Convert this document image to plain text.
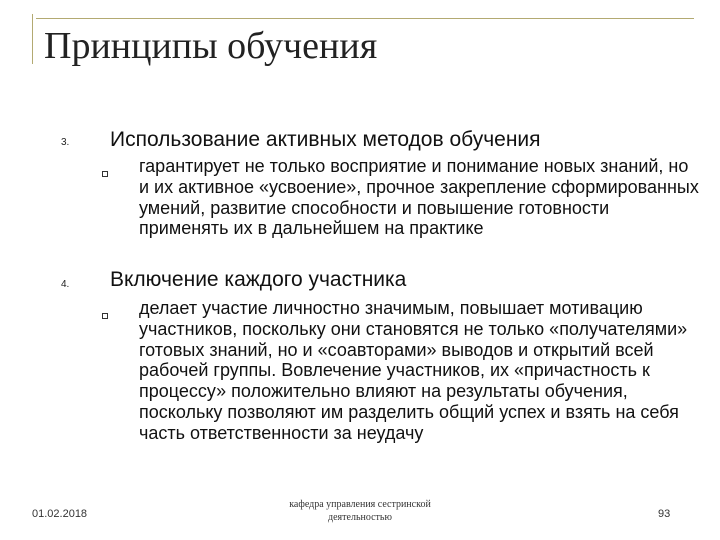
Принципы обучения
3. Использование активных методов обучения

гарантирует не только восприятие и понимание новых знаний, но и их активное «усвоение», прочное закрепление сформированных умений, развитие способности и повышение готовности применять их в дальнейшем на практике

4. Включение каждого участника

делает участие личностно значимым, повышает мотивацию участников, поскольку они становятся не только «получателями» готовых знаний, но и «соавторами» выводов и открытий всей рабочей группы. Вовлечение участников, их «причастность к процессу» положительно влияют на результаты обучения, поскольку позволяют им разделить общий успех и взять на себя часть ответственности за неудачу

01.02.2018
кафедра управления сестринской деятельностью	93
